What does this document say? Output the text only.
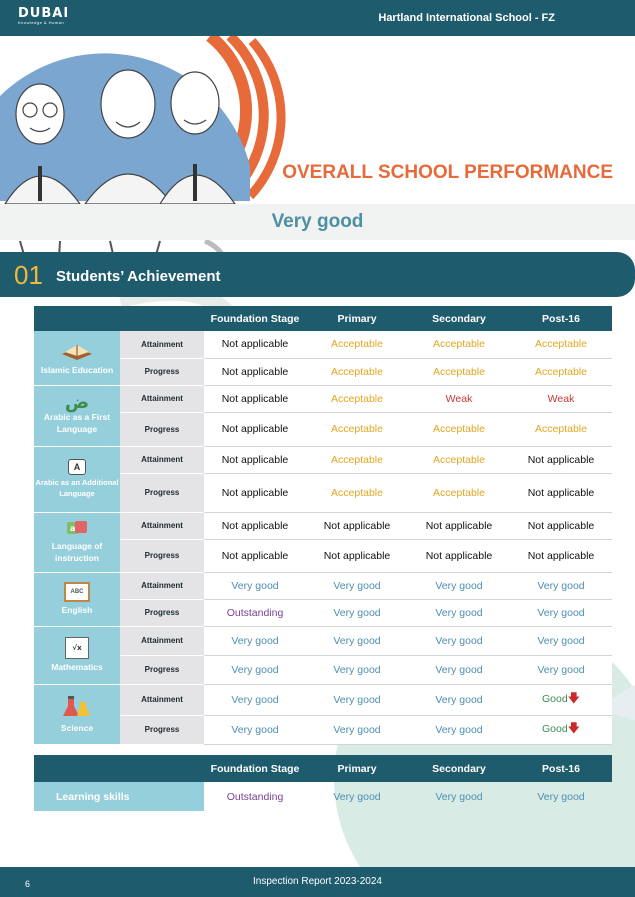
DUBAI
Knowledge & Human	Hartland International School - FZ
OVERALL SCHOOL PERFORMANCE
Very good
01 Students’ Achievement
		Foundation Stage	Primary	Secondary	Post-16

Islamic Education	Attainment	Not applicable	Acceptable	Acceptable	Acceptable
	Progress	Not applicable	Acceptable	Acceptable	Acceptable

ض
Arabic as a First Language	Attainment	Not applicable	Acceptable	Weak	Weak
	Progress	Not applicable	Acceptable	Acceptable	Acceptable
A
Arabic as an Additional Language	Attainment	Not applicable	Acceptable	Acceptable	Not applicable
	Progress	Not applicable	Acceptable	Acceptable	Not applicable

a
Language of instruction	Attainment	Not applicable	Not applicable	Not applicable	Not applicable
	Progress	Not applicable	Not applicable	Not applicable	Not applicable
ABC
English	Attainment	Very good	Very good	Very good	Very good
	Progress	Outstanding	Very good	Very good	Very good
√x
Mathematics	Attainment	Very good	Very good	Very good	Very good
	Progress	Very good	Very good	Very good	Very good

Science	Attainment	Very good	Very good	Very good	Good🡇
	Progress	Very good	Very good	Very good	Good🡇
	Foundation Stage	Primary	Secondary	Post-16
Learning skills	Outstanding	Very good	Very good	Very good
6	Inspection Report 2023-2024
